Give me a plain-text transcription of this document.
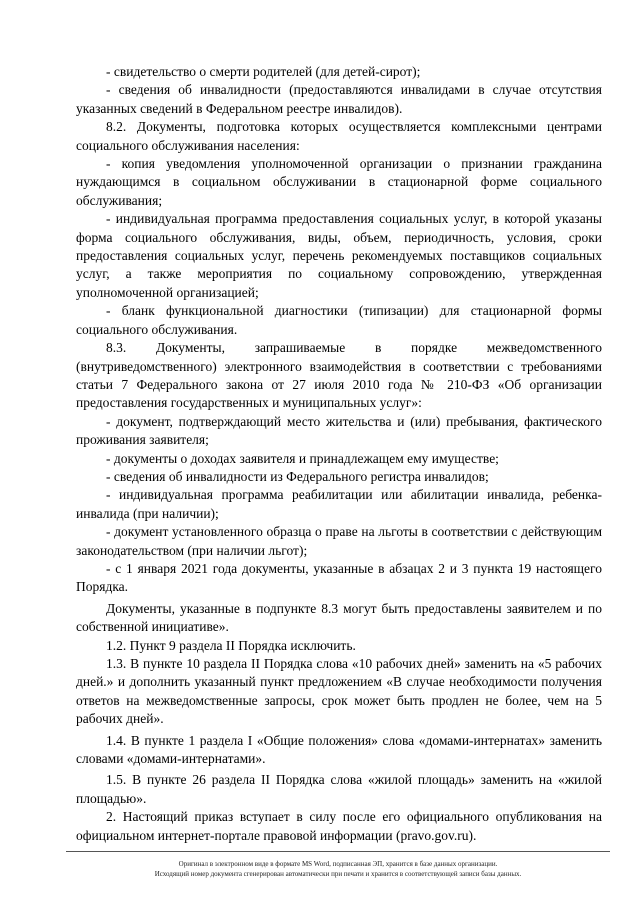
- свидетельство о смерти родителей (для детей-сирот);

- сведения об инвалидности (предоставляются инвалидами в случае отсутствия указанных сведений в Федеральном реестре инвалидов).

8.2. Документы, подготовка которых осуществляется комплексными центрами социального обслуживания населения:

- копия уведомления уполномоченной организации о признании гражданина нуждающимся в социальном обслуживании в стационарной форме социального обслуживания;

- индивидуальная программа предоставления социальных услуг, в которой указаны форма социального обслуживания, виды, объем, периодичность, условия, сроки предоставления социальных услуг, перечень рекомендуемых поставщиков социальных услуг, а также мероприятия по социальному сопровождению, утвержденная уполномоченной организацией;

- бланк функциональной диагностики (типизации) для стационарной формы социального обслуживания.

8.3. Документы, запрашиваемые в порядке межведомственного (внутриведомственного) электронного взаимодействия в соответствии с требованиями статьи 7 Федерального закона от 27 июля 2010 года № 210-ФЗ «Об организации предоставления государственных и муниципальных услуг»:

- документ, подтверждающий место жительства и (или) пребывания, фактического проживания заявителя;

- документы о доходах заявителя и принадлежащем ему имуществе;

- сведения об инвалидности из Федерального регистра инвалидов;

- индивидуальная программа реабилитации или абилитации инвалида, ребенка-инвалида (при наличии);

- документ установленного образца о праве на льготы в соответствии с действующим законодательством (при наличии льгот);

- с 1 января 2021 года документы, указанные в абзацах 2 и 3 пункта 19 настоящего Порядка.

Документы, указанные в подпункте 8.3 могут быть предоставлены заявителем и по собственной инициативе».

1.2. Пункт 9 раздела II Порядка исключить.

1.3. В пункте 10 раздела II Порядка слова «10 рабочих дней» заменить на «5 рабочих дней.» и дополнить указанный пункт предложением «В случае необходимости получения ответов на межведомственные запросы, срок может быть продлен не более, чем на 5 рабочих дней».

1.4. В пункте 1 раздела I «Общие положения» слова «домами-интернатах» заменить словами «домами-интернатами».

1.5. В пункте 26 раздела II Порядка слова «жилой площадь» заменить на «жилой площадью».

2. Настоящий приказ вступает в силу после его официального опубликования на официальном интернет-портале правовой информации (pravo.gov.ru).

Оригинал в электронном виде в формате MS Word, подписанная ЭП, хранится в базе данных организации.
Исходящий номер документа сгенерирован автоматически при печати и хранится в соответствующей записи базы данных.
